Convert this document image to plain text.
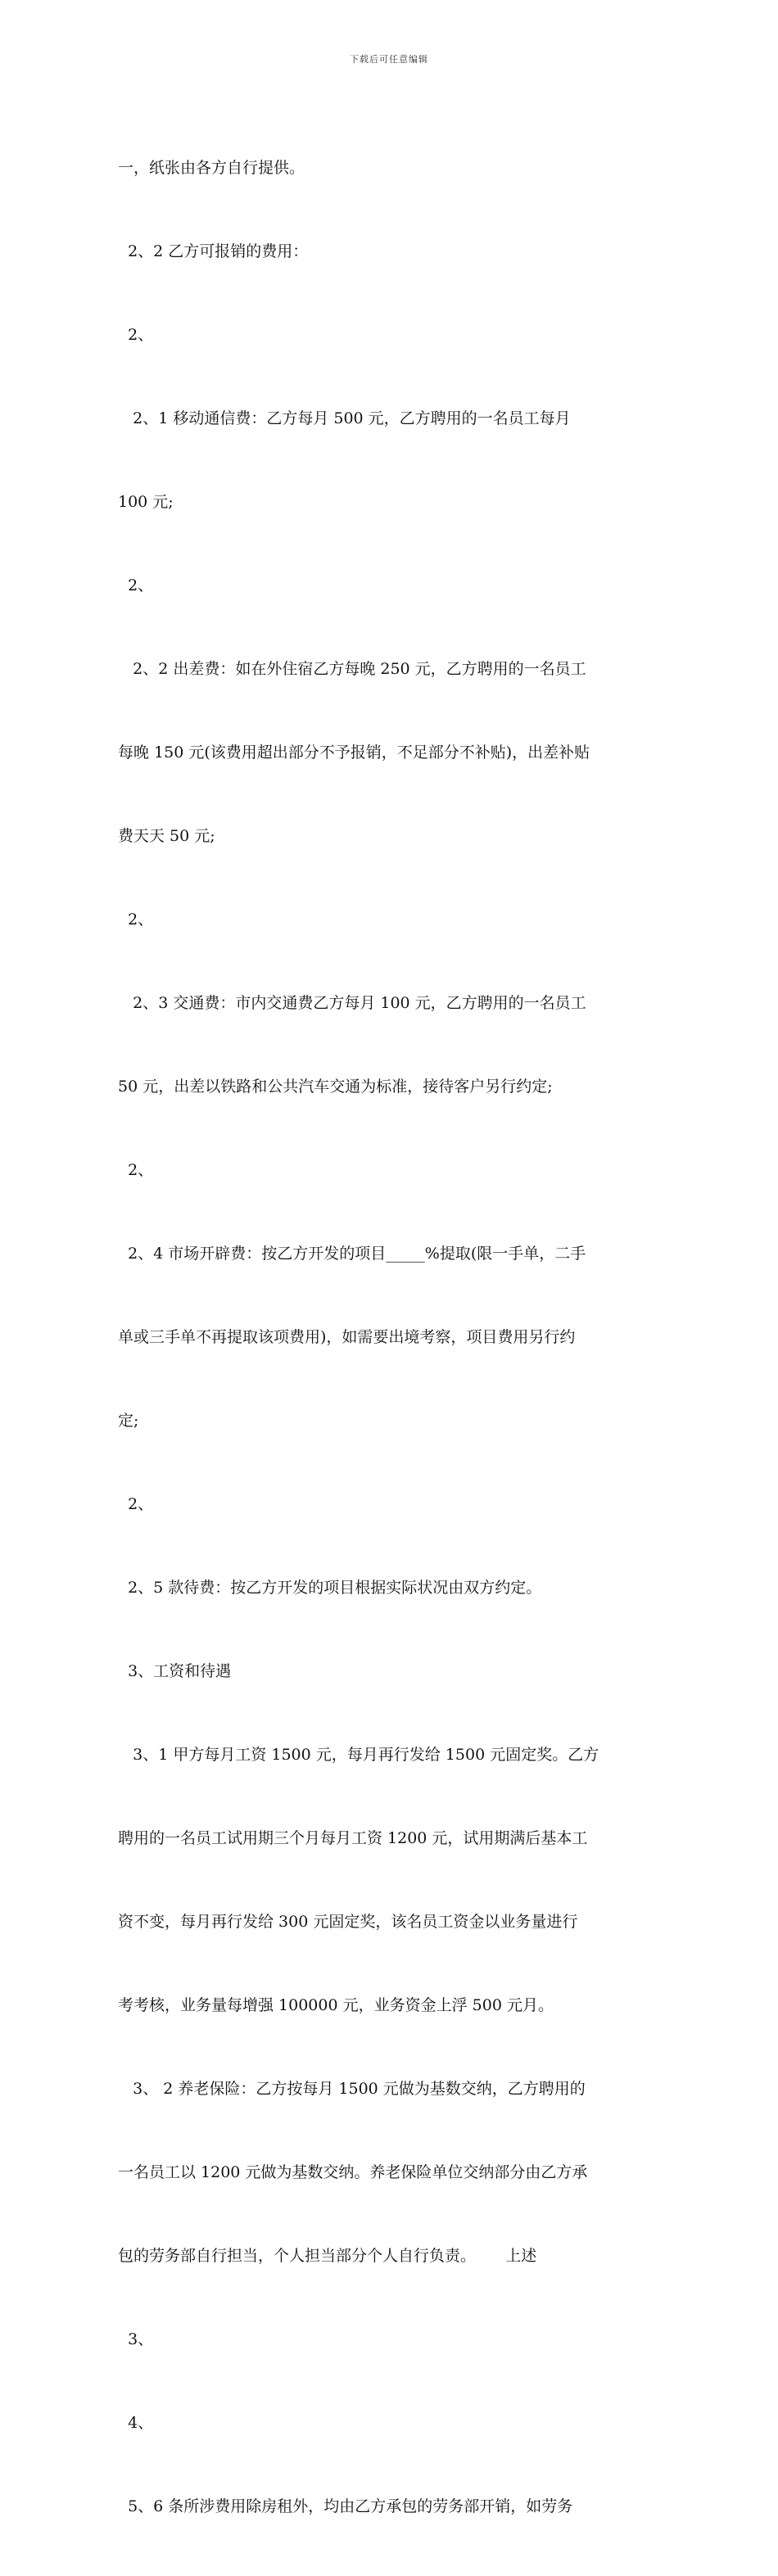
下载后可任意编辑

一，纸张由各方自行提供。

2、2 乙方可报销的费用：

2、

2、1 移动通信费：乙方每月 500 元，乙方聘用的一名员工每月

100 元;

2、

2、2 出差费：如在外住宿乙方每晚 250 元，乙方聘用的一名员工

每晚 150 元(该费用超出部分不予报销，不足部分不补贴)，出差补贴

费天天 50 元;

2、

2、3 交通费：市内交通费乙方每月 100 元，乙方聘用的一名员工

50 元，出差以铁路和公共汽车交通为标准，接待客户另行约定;

2、

2、4 市场开辟费：按乙方开发的项目_____%提取(限一手单，二手

单或三手单不再提取该项费用)，如需要出境考察，项目费用另行约

定;

2、

2、5 款待费：按乙方开发的项目根据实际状况由双方约定。

3、工资和待遇

3、1 甲方每月工资 1500 元，每月再行发给 1500 元固定奖。乙方

聘用的一名员工试用期三个月每月工资 1200 元，试用期满后基本工

资不变，每月再行发给 300 元固定奖，该名员工资金以业务量进行

考考核，业务量每增强 100000 元，业务资金上浮 500 元月。

3、 2 养老保险：乙方按每月 1500 元做为基数交纳，乙方聘用的

一名员工以 1200 元做为基数交纳。养老保险单位交纳部分由乙方承

包的劳务部自行担当，个人担当部分个人自行负责。      上述

3、

4、

5、6 条所涉费用除房租外，均由乙方承包的劳务部开销，如劳务
